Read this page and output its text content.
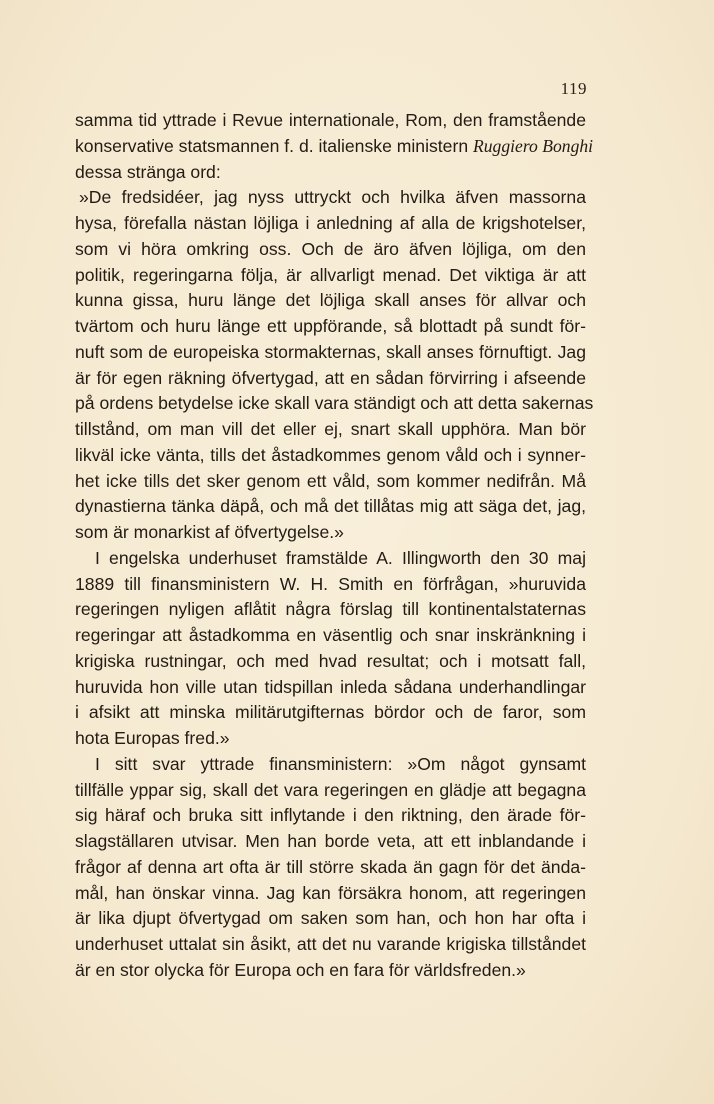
119
samma tid yttrade i Revue internationale, Rom, den framstående
konservative statsmannen f. d. italienske ministern Ruggiero Bonghi
dessa stränga ord:
»De fredsidéer, jag nyss uttryckt och hvilka äfven massorna
hysa, förefalla nästan löjliga i anledning af alla de krigshotelser,
som vi höra omkring oss. Och de äro äfven löjliga, om den
politik, regeringarna följa, är allvarligt menad. Det viktiga är att
kunna gissa, huru länge det löjliga skall anses för allvar och
tvärtom och huru länge ett uppförande, så blottadt på sundt för-
nuft som de europeiska stormakternas, skall anses förnuftigt. Jag
är för egen räkning öfvertygad, att en sådan förvirring i afseende
på ordens betydelse icke skall vara ständigt och att detta sakernas
tillstånd, om man vill det eller ej, snart skall upphöra. Man bör
likväl icke vänta, tills det åstadkommes genom våld och i synner-
het icke tills det sker genom ett våld, som kommer nedifrån. Må
dynastierna tänka däpå, och må det tillåtas mig att säga det, jag,
som är monarkist af öfvertygelse.»
I engelska underhuset framstälde A. Illingworth den 30 maj
1889 till finansministern W. H. Smith en förfrågan, »huruvida
regeringen nyligen aflåtit några förslag till kontinentalstaternas
regeringar att åstadkomma en väsentlig och snar inskränkning i
krigiska rustningar, och med hvad resultat; och i motsatt fall,
huruvida hon ville utan tidspillan inleda sådana underhandlingar
i afsikt att minska militärutgifternas bördor och de faror, som
hota Europas fred.»
I sitt svar yttrade finansministern: »Om något gynsamt
tillfälle yppar sig, skall det vara regeringen en glädje att begagna
sig häraf och bruka sitt inflytande i den riktning, den ärade för-
slagställaren utvisar. Men han borde veta, att ett inblandande i
frågor af denna art ofta är till större skada än gagn för det ända-
mål, han önskar vinna. Jag kan försäkra honom, att regeringen
är lika djupt öfvertygad om saken som han, och hon har ofta i
underhuset uttalat sin åsikt, att det nu varande krigiska tillståndet
är en stor olycka för Europa och en fara för världsfreden.»
